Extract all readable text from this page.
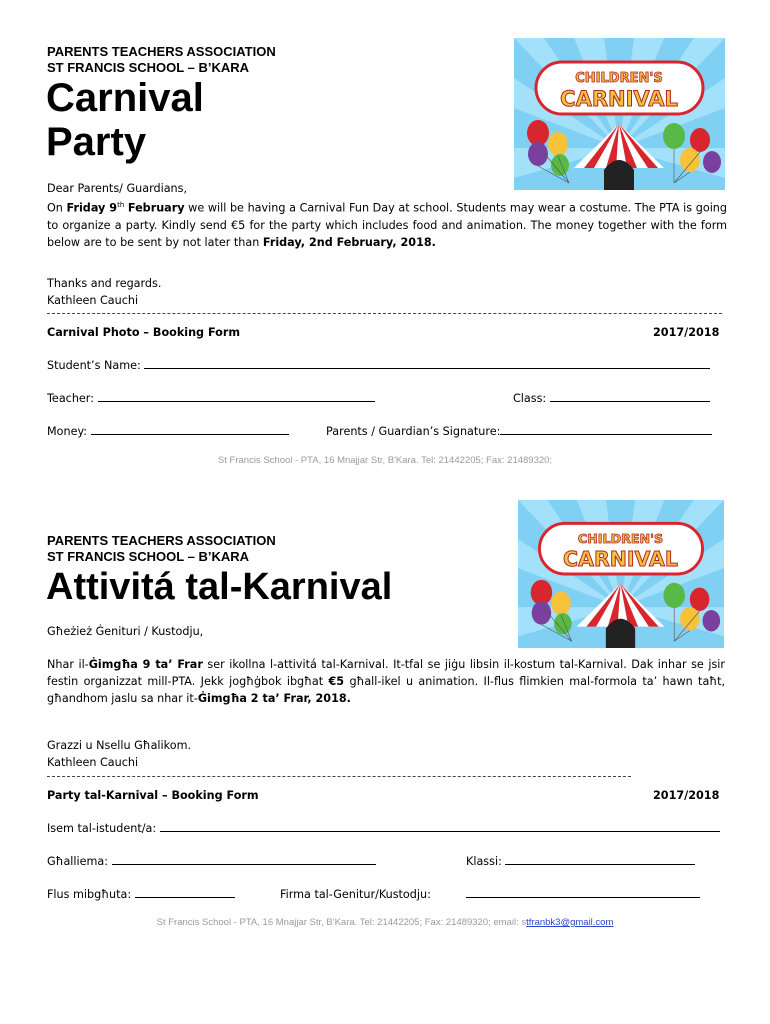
PARENTS TEACHERS ASSOCIATION
ST FRANCIS SCHOOL – B’KARA
Carnival
Party
CHILDREN'S
CARNIVAL
Dear Parents/ Guardians,
On Friday 9th February we will be having a Carnival Fun Day at school. Students may wear a costume. The PTA is going to organize a party. Kindly send €5 for the party which includes food and animation. The money together with the form below are to be sent by not later than Friday, 2nd February, 2018.
Thanks and regards.
Kathleen Cauchi
Carnival Photo – Booking Form	2017/2018
Student’s Name:
Teacher:	Class:
Money:	Parents / Guardian’s Signature:
St Francis School - PTA, 16 Mnajjar Str, B'Kara. Tel: 21442205; Fax: 21489320;
PARENTS TEACHERS ASSOCIATION
ST FRANCIS SCHOOL – B’KARA
Attivitá tal-Karnival
CHILDREN'S
CARNIVAL
Għeżież Ġenituri / Kustodju,
Nhar il-Ġimgħa 9 ta’ Frar ser ikollna l-attivitá tal-Karnival. It-tfal se jiġu libsin il-kostum tal-Karnival. Dak inhar se jsir festin organizzat mill-PTA. Jekk jogħġbok ibgħat €5 għall-ikel u animation. Il-flus flimkien mal-formola ta’ hawn taħt, għandhom jaslu sa nhar it-Ġimgħa 2 ta’ Frar, 2018.
Grazzi u Nsellu Għalikom.
Kathleen Cauchi
Party tal-Karnival – Booking Form	2017/2018
Isem tal-istudent/a:
Għalliema:	Klassi:
Flus mibgħuta:	Firma tal-Genitur/Kustodju:
St Francis School - PTA, 16 Mnajjar Str, B'Kara. Tel: 21442205; Fax: 21489320; email: stfranbk3@gmail.com
